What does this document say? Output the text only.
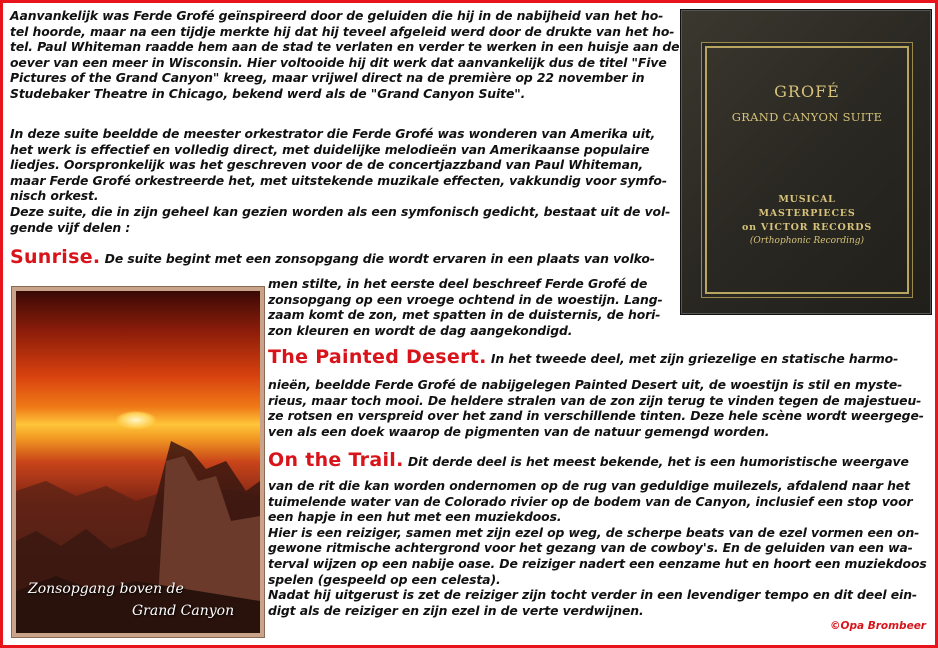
Aanvankelijk was Ferde Grofé geïnspireerd door de geluiden die hij in de nabijheid van het ho-
tel hoorde, maar na een tijdje merkte hij dat hij teveel afgeleid werd door de drukte van het ho-
tel. Paul Whiteman raadde hem aan de stad te verlaten en verder te werken in een huisje aan de
oever van een meer in Wisconsin. Hier voltooide hij dit werk dat aanvankelijk dus de titel "Five
Pictures of the Grand Canyon" kreeg, maar vrijwel direct na de première op 22 november in
Studebaker Theatre in Chicago, bekend werd als de "Grand Canyon Suite".
In deze suite beeldde de meester orkestrator die Ferde Grofé was wonderen van Amerika uit,
het werk is effectief en volledig direct, met duidelijke melodieën van Amerikaanse populaire
liedjes. Oorspronkelijk was het geschreven voor de de concertjazzband van Paul Whiteman,
maar Ferde Grofé orkestreerde het, met uitstekende muzikale effecten, vakkundig voor symfo-
nisch orkest.
Deze suite, die in zijn geheel kan gezien worden als een symfonisch gedicht, bestaat uit de vol-
gende vijf delen :
Sunrise. De suite begint met een zonsopgang die wordt ervaren in een plaats van volko-
men stilte, in het eerste deel beschreef Ferde Grofé de
zonsopgang op een vroege ochtend in de woestijn. Lang-
zaam komt de zon, met spatten in de duisternis, de hori-
zon kleuren en wordt de dag aangekondigd.
The Painted Desert. In het tweede deel, met zijn griezelige en statische harmo-
nieën, beeldde Ferde Grofé de nabijgelegen Painted Desert uit, de woestijn is stil en myste-
rieus, maar toch mooi. De heldere stralen van de zon zijn terug te vinden tegen de majestueu-
ze rotsen en verspreid over het zand in verschillende tinten. Deze hele scène wordt weergege-
ven als een doek waarop de pigmenten van de natuur gemengd worden.
On the Trail. Dit derde deel is het meest bekende, het is een humoristische weergave
van de rit die kan worden ondernomen op de rug van geduldige muilezels, afdalend naar het
tuimelende water van de Colorado rivier op de bodem van de Canyon, inclusief een stop voor
een hapje in een hut met een muziekdoos.
Hier is een reiziger, samen met zijn ezel op weg, de scherpe beats van de ezel vormen een on-
gewone ritmische achtergrond voor het gezang van de cowboy's. En de geluiden van een wa-
terval wijzen op een nabije oase. De reiziger nadert een eenzame hut en hoort een muziekdoos
spelen (gespeeld op een celesta).
Nadat hij uitgerust is zet de reiziger zijn tocht verder in een levendiger tempo en dit deel ein-
digt als de reiziger en zijn ezel in de verte verdwijnen.
GROFÉ
GRAND CANYON SUITE
MUSICAL
MASTERPIECES
on VICTOR RECORDS
(Orthophonic Recording)
Zonsopgang boven de
Grand Canyon
©Opa Brombeer
